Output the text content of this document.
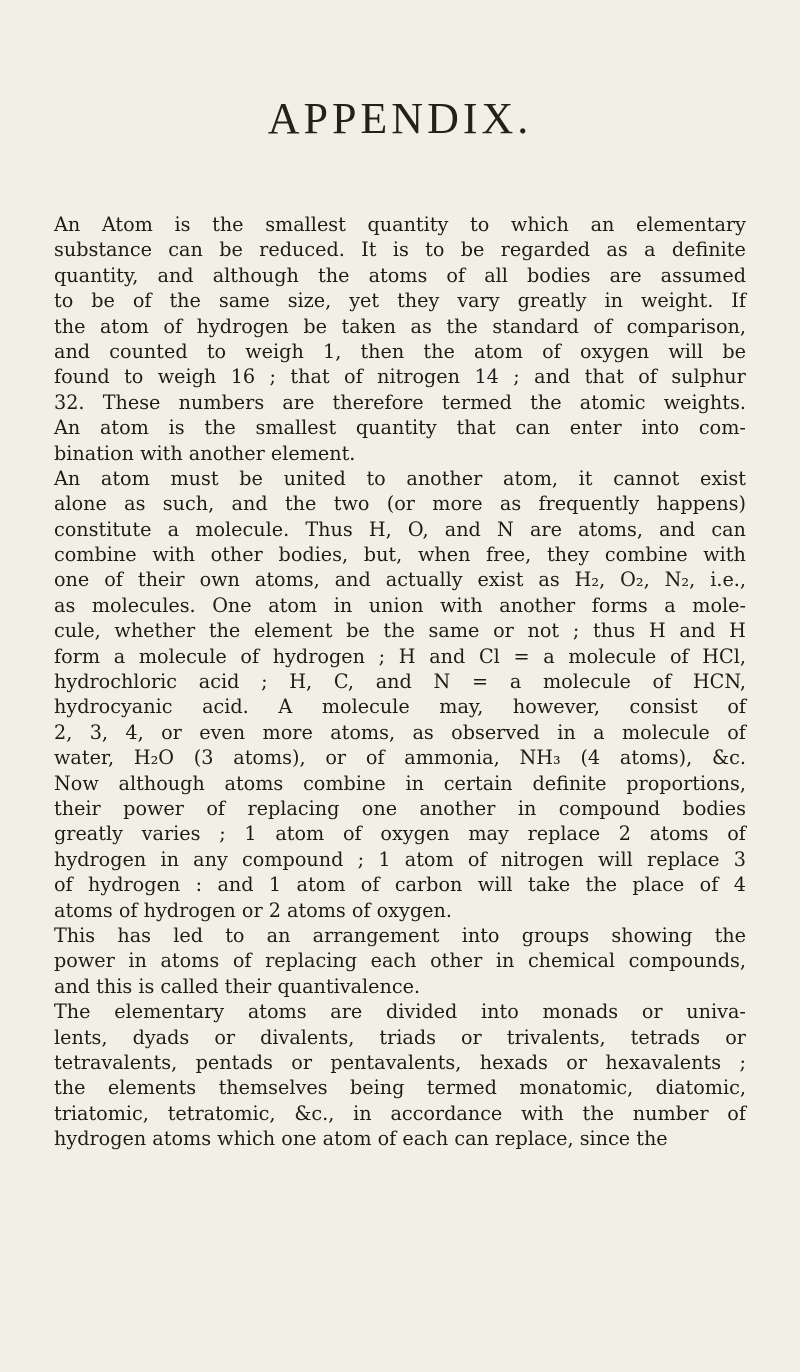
APPENDIX.
An Atom is the smallest quantity to which an elementary
substance can be reduced. It is to be regarded as a definite
quantity, and although the atoms of all bodies are assumed
to be of the same size, yet they vary greatly in weight. If
the atom of hydrogen be taken as the standard of comparison,
and counted to weigh 1, then the atom of oxygen will be
found to weigh 16 ; that of nitrogen 14 ; and that of sulphur
32. These numbers are therefore termed the atomic weights.
An atom is the smallest quantity that can enter into com-
bination with another element.
An atom must be united to another atom, it cannot exist
alone as such, and the two (or more as frequently happens)
constitute a molecule. Thus H, O, and N are atoms, and can
combine with other bodies, but, when free, they combine with
one of their own atoms, and actually exist as H₂, O₂, N₂, i.e.,
as molecules. One atom in union with another forms a mole-
cule, whether the element be the same or not ; thus H and H
form a molecule of hydrogen ; H and Cl = a molecule of HCl,
hydrochloric acid ; H, C, and N = a molecule of HCN,
hydrocyanic acid. A molecule may, however, consist of
2, 3, 4, or even more atoms, as observed in a molecule of
water, H₂O (3 atoms), or of ammonia, NH₃ (4 atoms), &c.
Now although atoms combine in certain definite proportions,
their power of replacing one another in compound bodies
greatly varies ; 1 atom of oxygen may replace 2 atoms of
hydrogen in any compound ; 1 atom of nitrogen will replace 3
of hydrogen : and 1 atom of carbon will take the place of 4
atoms of hydrogen or 2 atoms of oxygen.
This has led to an arrangement into groups showing the
power in atoms of replacing each other in chemical compounds,
and this is called their quantivalence.
The elementary atoms are divided into monads or univa-
lents, dyads or divalents, triads or trivalents, tetrads or
tetravalents, pentads or pentavalents, hexads or hexavalents ;
the elements themselves being termed monatomic, diatomic,
triatomic, tetratomic, &c., in accordance with the number of
hydrogen atoms which one atom of each can replace, since the
